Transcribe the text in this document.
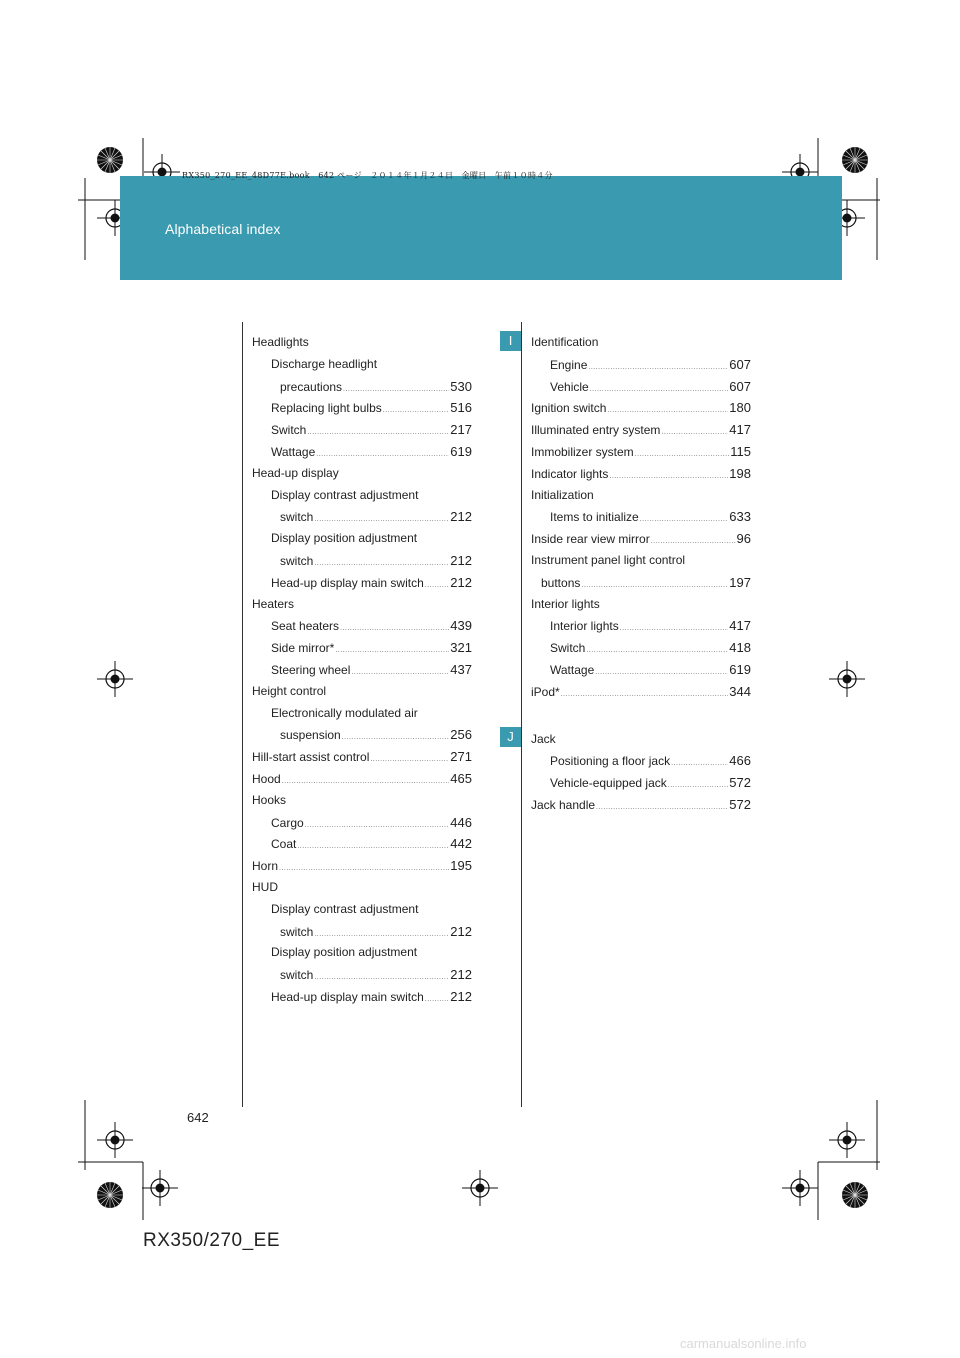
Alphabetical index
RX350_270_EE_48D77E.book　642 ページ　２０１４年１月２４日　金曜日　午前１０時４分
I
J
Headlights
Discharge headlight
precautions .....	530
Replacing light bulbs .....	516
Switch .....	217
Wattage .....	619
Head-up display
Display contrast adjustment
switch .....	212
Display position adjustment
switch .....	212
Head-up display main switch ..... 212
Heaters
Seat heaters .....	439
Side mirror* .....	321
Steering wheel .....	437
Height control
Electronically modulated air
suspension .....	256
Hill-start assist control .....	271
Hood .....	465
Hooks
Cargo .....	446
Coat .....	442
Horn .....	195
HUD
Display contrast adjustment
switch .....	212
Display position adjustment
switch .....	212
Head-up display main switch ..... 212
Identification
Engine .....	607
Vehicle .....	607
Ignition switch .....	180
Illuminated entry system .....	417
Immobilizer system .....	115
Indicator lights .....	198
Initialization
Items to initialize .....	633
Inside rear view mirror .....	96
Instrument panel light control
buttons .....	197
Interior lights
Interior lights .....	417
Switch .....	418
Wattage .....	619
iPod* .....	344
Jack
Positioning a floor jack .....	466
Vehicle-equipped jack .....	572
Jack handle .....	572
642
RX350/270_EE
carmanualsonline.info
